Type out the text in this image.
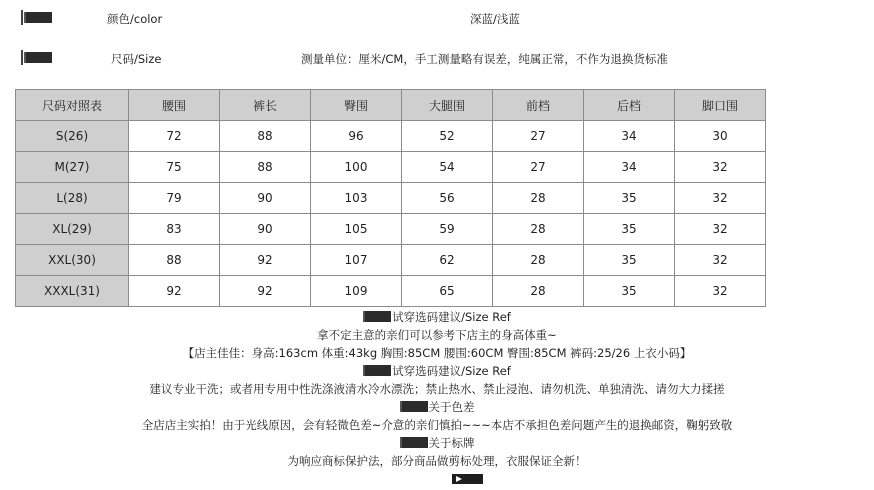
颜色/color	深蓝/浅蓝
尺码/Size	测量单位：厘米/CM，手工测量略有误差，纯属正常，不作为退换货标准
尺码对照表	腰围	裤长	臀围	大腿围	前档	后档	脚口围
S(26)	72	88	96	52	27	34	30
M(27)	75	88	100	54	27	34	32
L(28)	79	90	103	56	28	35	32
XL(29)	83	90	105	59	28	35	32
XXL(30)	88	92	107	62	28	35	32
XXXL(31)	92	92	109	65	28	35	32
试穿选码建议/Size Ref
拿不定主意的亲们可以参考下店主的身高体重~
【店主佳佳：身高:163cm 体重:43kg 胸围:85CM 腰围:60CM 臀围:85CM 裤码:25/26 上衣小码】
试穿选码建议/Size Ref
建议专业干洗；或者用专用中性洗涤液清水冷水漂洗；禁止热水、禁止浸泡、请勿机洗、单独清洗、请勿大力揉搓
关于色差
全店店主实拍！由于光线原因，会有轻微色差~介意的亲们慎拍~~~本店不承担色差问题产生的退换邮资，鞠躬致敬
关于标牌
为响应商标保护法，部分商品做剪标处理，衣服保证全新！
